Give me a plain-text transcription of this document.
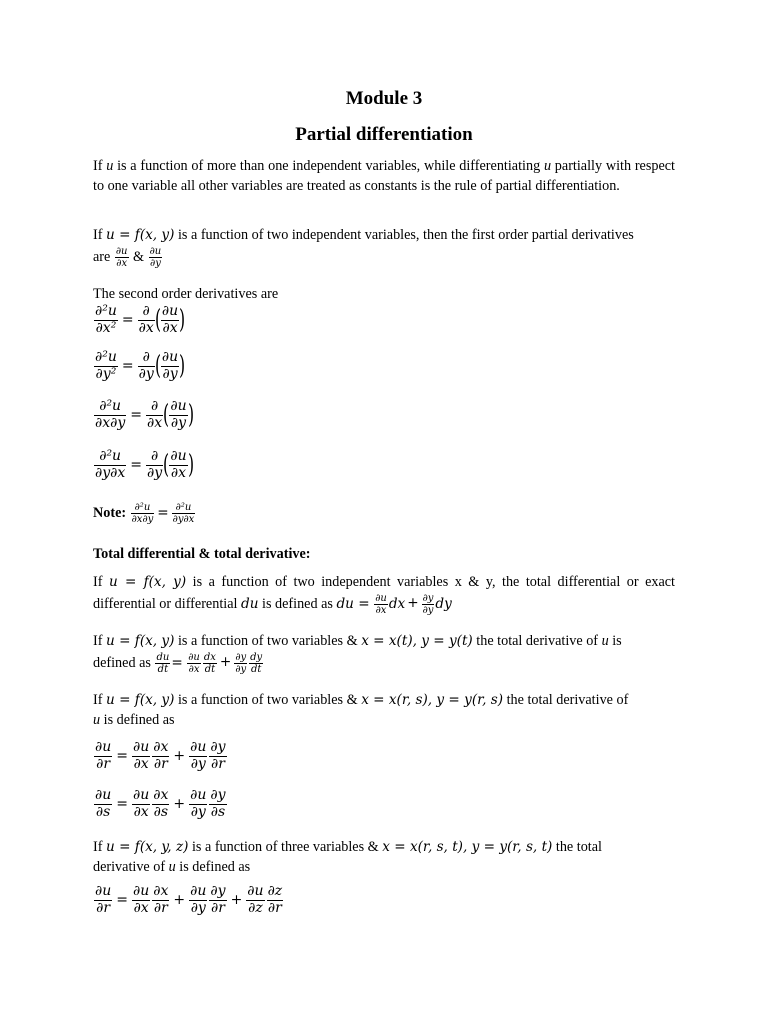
Module 3
Partial differentiation
If u is a function of more than one independent variables, while differentiating u partially with respect to one variable all other variables are treated as constants is the rule of partial differentiation.
If u = f(x, y) is a function of two independent variables, then the first order partial derivatives
are $\frac{\partial u}{\partial x}$ & $\frac{\partial u}{\partial y}$
The second order derivatives are
$\frac{\text{∂²u}}{\text{∂x²}}$ =
∂
∂x ( $\frac{\partial u}{\partial x}$ )
$\frac{\text{∂²u}}{\text{∂y²}}$ =
∂
∂y ( $\frac{\partial u}{\partial y}$ )
$\frac{\text{∂²u}}{\partial x\partial y}$ =
∂
∂x ( $\frac{\partial u}{\partial y}$ )
$\frac{\text{∂²u}}{\partial y\partial x}$ =
∂
∂y ( $\frac{\partial u}{\partial x}$ )
Note: $\frac{\text{∂²u}}{\partial x\partial y} = \frac{\text{∂²u}}{\partial y\partial x}$
Total differential & total derivative:
If u = f(x, y) is a function of two independent variables x & y, the total differential or exact differential or differential du is defined as du = $\frac{\partial u}{\partial x}$ dx + $\frac{\partial y}{\partial y}$ dy
If u = f(x, y) is a function of two variables & x = x(t), y = y(t) the total derivative of u is
defined as $\frac{du}{dt} = \frac{\partial u}{\partial x} \frac{dx}{dt} + \frac{\partial y}{\partial y} \frac{dy}{dt}$
If u = f(x, y) is a function of two variables & x = x(r, s), y = y(r, s) the total derivative of
u is defined as
$\frac{\partial u}{\partial r} = \frac{\partial u}{\partial x} \frac{\partial x}{\partial r} + \frac{\partial u}{\partial y} \frac{\partial y}{\partial r}$
$\frac{\partial u}{\partial s} = \frac{\partial u}{\partial x} \frac{\partial x}{\partial s} + \frac{\partial u}{\partial y} \frac{\partial y}{\partial s}$
If u = f(x, y, z) is a function of three variables & x = x(r, s, t), y = y(r, s, t) the total
derivative of u is defined as
$\frac{\partial u}{\partial r} = \frac{\partial u}{\partial x} \frac{\partial x}{\partial r} + \frac{\partial u}{\partial y} \frac{\partial y}{\partial r} + \frac{\partial u}{\partial z} \frac{\partial z}{\partial r}$
